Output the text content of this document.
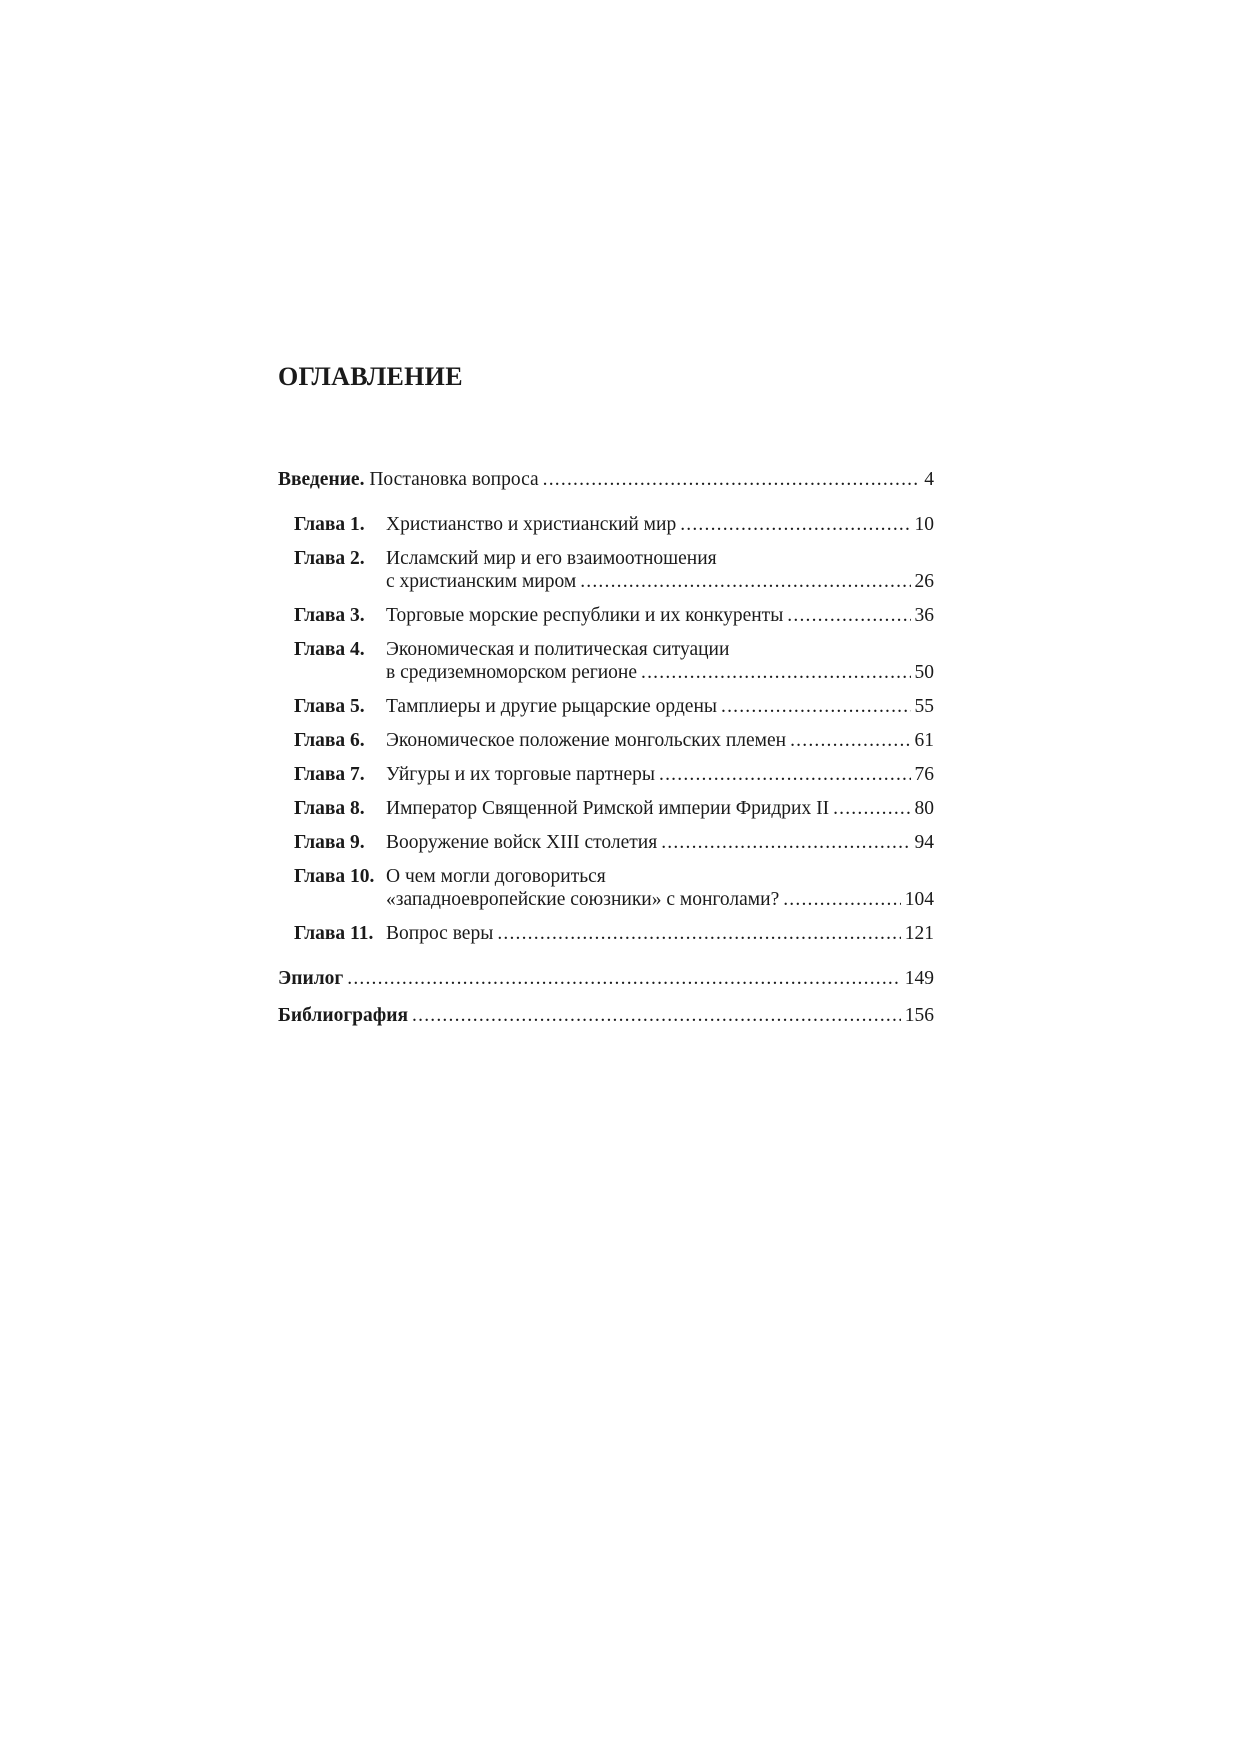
ОГЛАВЛЕНИЕ
Введение. Постановка вопроса .....	4
Глава 1.	Христианство и христианский мир .....	10
Глава 2.	Исламский мир и его взаимоотношения
с христианским миром .....	26
Глава 3.	Торговые морские республики и их конкуренты .....	36
Глава 4.	Экономическая и политическая ситуации
в средиземноморском регионе .....	50
Глава 5.	Тамплиеры и другие рыцарские ордены .....	55
Глава 6.	Экономическое положение монгольских племен .....	61
Глава 7.	Уйгуры и их торговые партнеры .....	76
Глава 8.	Император Священной Римской империи Фридрих II .....	80
Глава 9.	Вооружение войск XIII столетия .....	94
Глава 10. О чем могли договориться
«западноевропейские союзники» с монголами? .....	104
Глава 11. Вопрос веры .....	121
Эпилог .....	149
Библиография .....	156
